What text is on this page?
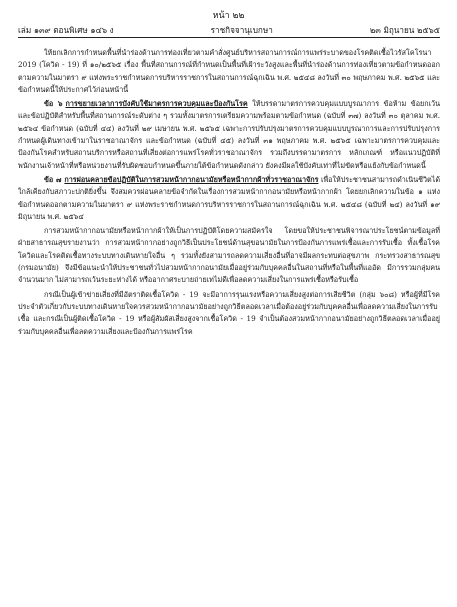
หน้า ๒๒
เล่ม ๑๓๙ ตอนพิเศษ ๑๔๖ ง	ราชกิจจานุเบกษา	๒๓ มิถุนายน ๒๕๖๕

ให้ยกเลิกการกำหนดพื้นที่นำร่องด้านการท่องเที่ยวตามคำสั่งศูนย์บริหารสถานการณ์การแพร่ระบาดของโรคติดเชื้อไวรัสโคโรนา 2019 (โควิด - 19) ที่ ๑๐/๒๕๖๕ เรื่อง พื้นที่สถานการณ์ที่กำหนดเป็นพื้นที่เฝ้าระวังสูงและพื้นที่นำร่องด้านการท่องเที่ยวตามข้อกำหนดออกตามความในมาตรา ๙ แห่งพระราชกำหนดการบริหารราชการในสถานการณ์ฉุกเฉิน พ.ศ. ๒๕๔๘ ลงวันที่ ๓๐ พฤษภาคม พ.ศ. ๒๕๖๕ และข้อกำหนดนี้ให้ประกาศไว้ก่อนหน้านี้

ข้อ ๖ การขยายเวลาการบังคับใช้มาตรการควบคุมและป้องกันโรค ให้บรรดามาตรการควบคุมแบบบูรณาการ ข้อห้าม ข้อยกเว้น และข้อปฏิบัติสำหรับพื้นที่สถานการณ์ระดับต่าง ๆ รวมทั้งมาตรการเตรียมความพร้อมตามข้อกำหนด (ฉบับที่ ๓๗) ลงวันที่ ๓๐ ตุลาคม พ.ศ. ๒๕๖๔ ข้อกำหนด (ฉบับที่ ๔๔) ลงวันที่ ๒๙ เมษายน พ.ศ. ๒๕๖๕ เฉพาะการปรับปรุงมาตรการควบคุมแบบบูรณาการและการปรับปรุงการกำหนดผู้เดินทางเข้ามาในราชอาณาจักร และข้อกำหนด (ฉบับที่ ๔๕) ลงวันที่ ๓๑ พฤษภาคม พ.ศ. ๒๕๖๕ เฉพาะมาตรการควบคุมและป้องกันโรคสำหรับสถานบริการหรือสถานที่เสี่ยงต่อการแพร่โรคทั่วราชอาณาจักร รวมถึงบรรดามาตรการ หลักเกณฑ์ หรือแนวปฏิบัติที่พนักงานเจ้าหน้าที่หรือหน่วยงานที่รับผิดชอบกำหนดขึ้นภายใต้ข้อกำหนดดังกล่าว ยังคงมีผลใช้บังคับเท่าที่ไม่ขัดหรือแย้งกับข้อกำหนดนี้

ข้อ ๗ การผ่อนคลายข้อปฏิบัติในการสวมหน้ากากอนามัยหรือหน้ากากผ้าทั่วราชอาณาจักร เพื่อให้ประชาชนสามารถดำเนินชีวิตได้ใกล้เคียงกับสภาวะปกติยิ่งขึ้น จึงสมควรผ่อนคลายข้อจำกัดในเรื่องการสวมหน้ากากอนามัยหรือหน้ากากผ้า โดยยกเลิกความในข้อ ๑ แห่งข้อกำหนดออกตามความในมาตรา ๙ แห่งพระราชกำหนดการบริหารราชการในสถานการณ์ฉุกเฉิน พ.ศ. ๒๕๔๘ (ฉบับที่ ๒๔) ลงวันที่ ๑๙ มิถุนายน พ.ศ. ๒๕๖๔

การสวมหน้ากากอนามัยหรือหน้ากากผ้าให้เป็นการปฏิบัติโดยความสมัครใจ โดยขอให้ประชาชนพิจารณาประโยชน์ตามข้อมูลที่ฝ่ายสาธารณสุขรายงานว่า การสวมหน้ากากอย่างถูกวิธีเป็นประโยชน์ด้านสุขอนามัยในการป้องกันการแพร่เชื้อและการรับเชื้อ ทั้งเชื้อโรคโควิดและโรคติดเชื้อทางระบบทางเดินหายใจอื่น ๆ รวมทั้งยังสามารถลดความเสี่ยงอื่นที่อาจมีผลกระทบต่อสุขภาพ กระทรวงสาธารณสุข (กรมอนามัย) จึงมีข้อแนะนำให้ประชาชนทั่วไปสวมหน้ากากอนามัยเมื่ออยู่ร่วมกับบุคคลอื่นในสถานที่หรือในพื้นที่แออัด มีการรวมกลุ่มคนจำนวนมาก ไม่สามารถเว้นระยะห่างได้ หรืออากาศระบายถ่ายเทไม่ดีเพื่อลดความเสี่ยงในการแพร่เชื้อหรือรับเชื้อ

กรณีเป็นผู้เข้าข่ายเสี่ยงที่มีอัตราติดเชื้อโควิด - 19 จะมีอาการรุนแรงหรือความเสี่ยงสูงต่อการเสียชีวิต (กลุ่ม ๖๐๘) หรือผู้ที่มีโรคประจำตัวเกี่ยวกับระบบทางเดินหายใจควรสวมหน้ากากอนามัยอย่างถูกวิธีตลอดเวลาเมื่อต้องอยู่ร่วมกับบุคคลอื่นเพื่อลดความเสี่ยงในการรับเชื้อ และกรณีเป็นผู้ติดเชื้อโควิด - 19 หรือผู้สัมผัสเสี่ยงสูงจากเชื้อโควิด - 19 จำเป็นต้องสวมหน้ากากอนามัยอย่างถูกวิธีตลอดเวลาเมื่ออยู่ร่วมกับบุคคลอื่นเพื่อลดความเสี่ยงและป้องกันการแพร่โรค
